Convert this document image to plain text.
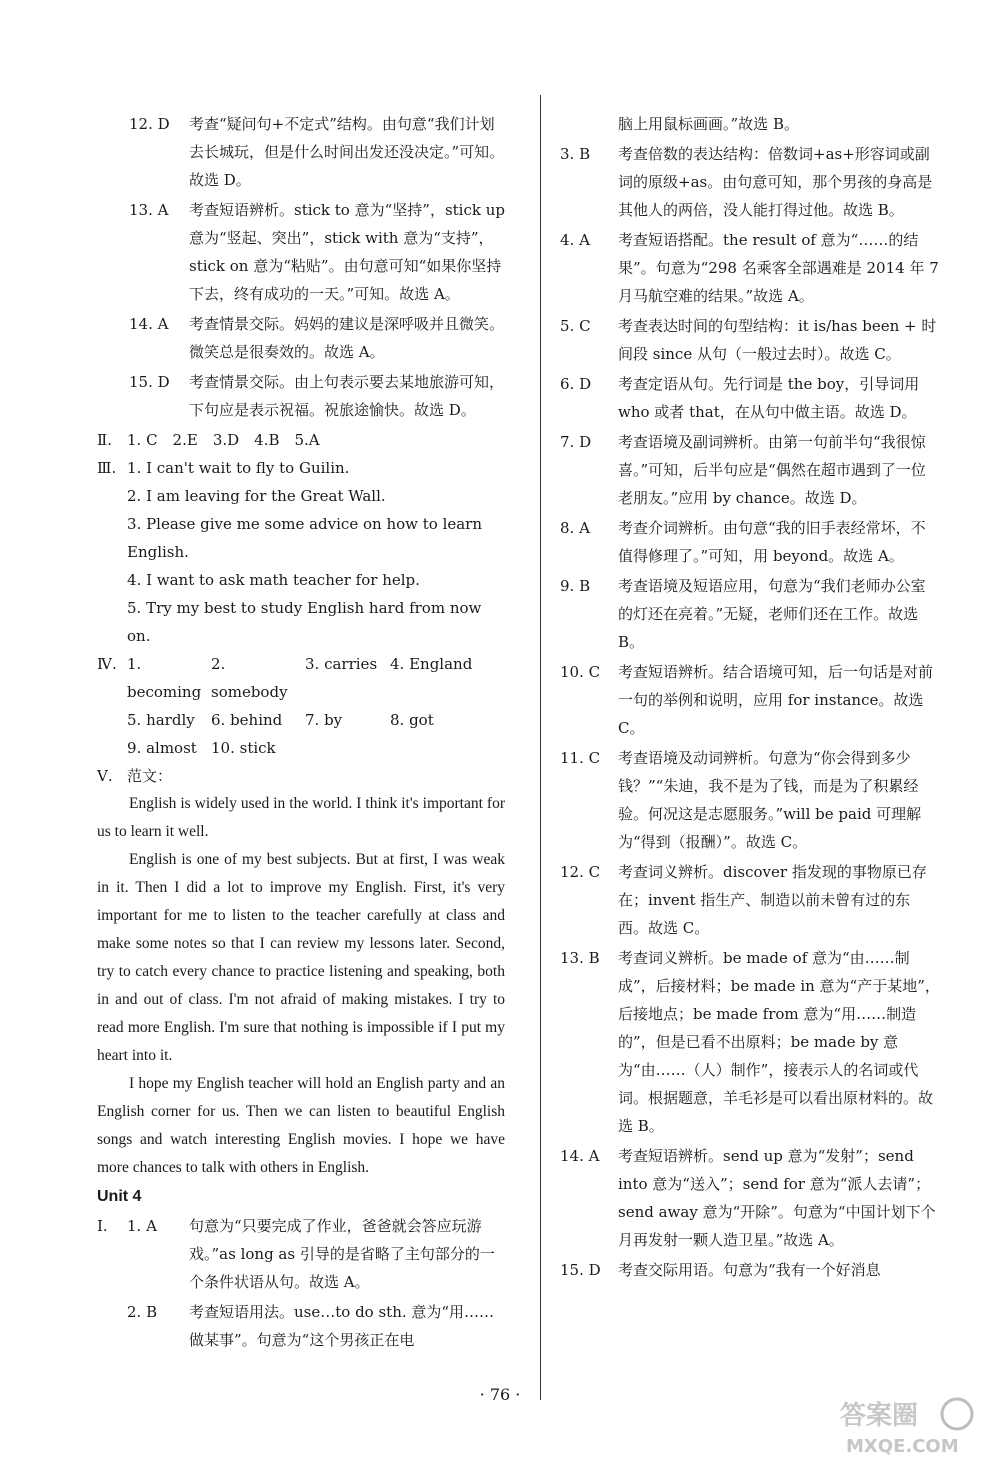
12. D 考查“疑问句+不定式”结构。由句意“我们计划去长城玩，但是什么时间出发还没决定。”可知。故选 D。
13. A 考查短语辨析。stick to 意为“坚持”，stick up 意为“竖起、突出”，stick with 意为“支持”，stick on 意为“粘贴”。由句意可知“如果你坚持下去，终有成功的一天。”可知。故选 A。
14. A 考查情景交际。妈妈的建议是深呼吸并且微笑。微笑总是很奏效的。故选 A。
15. D 考查情景交际。由上句表示要去某地旅游可知，下句应是表示祝福。祝旅途愉快。故选 D。
Ⅱ. 1. C　2.E　3.D　4.B　5.A
Ⅲ. 1. I can't wait to fly to Guilin.
2. I am leaving for the Great Wall.
3. Please give me some advice on how to learn English.
4. I want to ask math teacher for help.
5. Try my best to study English hard from now on.
Ⅳ. 1. becoming
2. somebody
3. carries 4. England
5. hardly	6. behind	7. by	8. got
9. almost 10. stick
Ⅴ. 范文：

English is widely used in the world. I think it's important for us to learn it well.

English is one of my best subjects. But at first, I was weak in it. Then I did a lot to improve my English. First, it's very important for me to listen to the teacher carefully at class and make some notes so that I can review my lessons later. Second, try to catch every chance to practice listening and speaking, both in and out of class. I'm not afraid of making mistakes. I try to read more English. I'm sure that nothing is impossible if I put my heart into it.

I hope my English teacher will hold an English party and an English corner for us. Then we can listen to beautiful English songs and watch interesting English movies. I hope we have more chances to talk with others in English.

Unit 4
Ⅰ. 1. A 句意为“只要完成了作业，爸爸就会答应玩游戏。”as long as 引导的是省略了主句部分的一个条件状语从句。故选 A。
2. B 考查短语用法。use…to do sth. 意为“用……做某事”。句意为“这个男孩正在电
脑上用鼠标画画。”故选 B。
3. B 考查倍数的表达结构：倍数词+as+形容词或副词的原级+as。由句意可知，那个男孩的身高是其他人的两倍，没人能打得过他。故选 B。
4. A 考查短语搭配。the result of 意为“……的结果”。句意为“298 名乘客全部遇难是 2014 年 7 月马航空难的结果。”故选 A。
5. C 考查表达时间的句型结构：it is/has been + 时间段 since 从句（一般过去时）。故选 C。
6. D 考查定语从句。先行词是 the boy，引导词用 who 或者 that，在从句中做主语。故选 D。
7. D 考查语境及副词辨析。由第一句前半句“我很惊喜。”可知，后半句应是“偶然在超市遇到了一位老朋友。”应用 by chance。故选 D。
8. A 考查介词辨析。由句意“我的旧手表经常坏，不值得修理了。”可知，用 beyond。故选 A。
9. B 考查语境及短语应用，句意为“我们老师办公室的灯还在亮着。”无疑，老师们还在工作。故选 B。
10. C 考查短语辨析。结合语境可知，后一句话是对前一句的举例和说明，应用 for instance。故选 C。
11. C 考查语境及动词辨析。句意为“你会得到多少钱？”“朱迪，我不是为了钱，而是为了积累经验。何况这是志愿服务。”will be paid 可理解为“得到（报酬）”。故选 C。
12. C 考查词义辨析。discover 指发现的事物原已存在；invent 指生产、制造以前未曾有过的东西。故选 C。
13. B 考查词义辨析。be made of 意为“由……制成”，后接材料；be made in 意为“产于某地”，后接地点；be made from 意为“用……制造的”，但是已看不出原料；be made by 意为“由……（人）制作”，接表示人的名词或代词。根据题意，羊毛衫是可以看出原材料的。故选 B。
14. A 考查短语辨析。send up 意为“发射”；send into 意为“送入”；send for 意为“派人去请”；send away 意为“开除”。句意为“中国计划下个月再发射一颗人造卫星。”故选 A。
15. D 考查交际用语。句意为“我有一个好消息
· 76 ·
答案圈
MXQE.COM
